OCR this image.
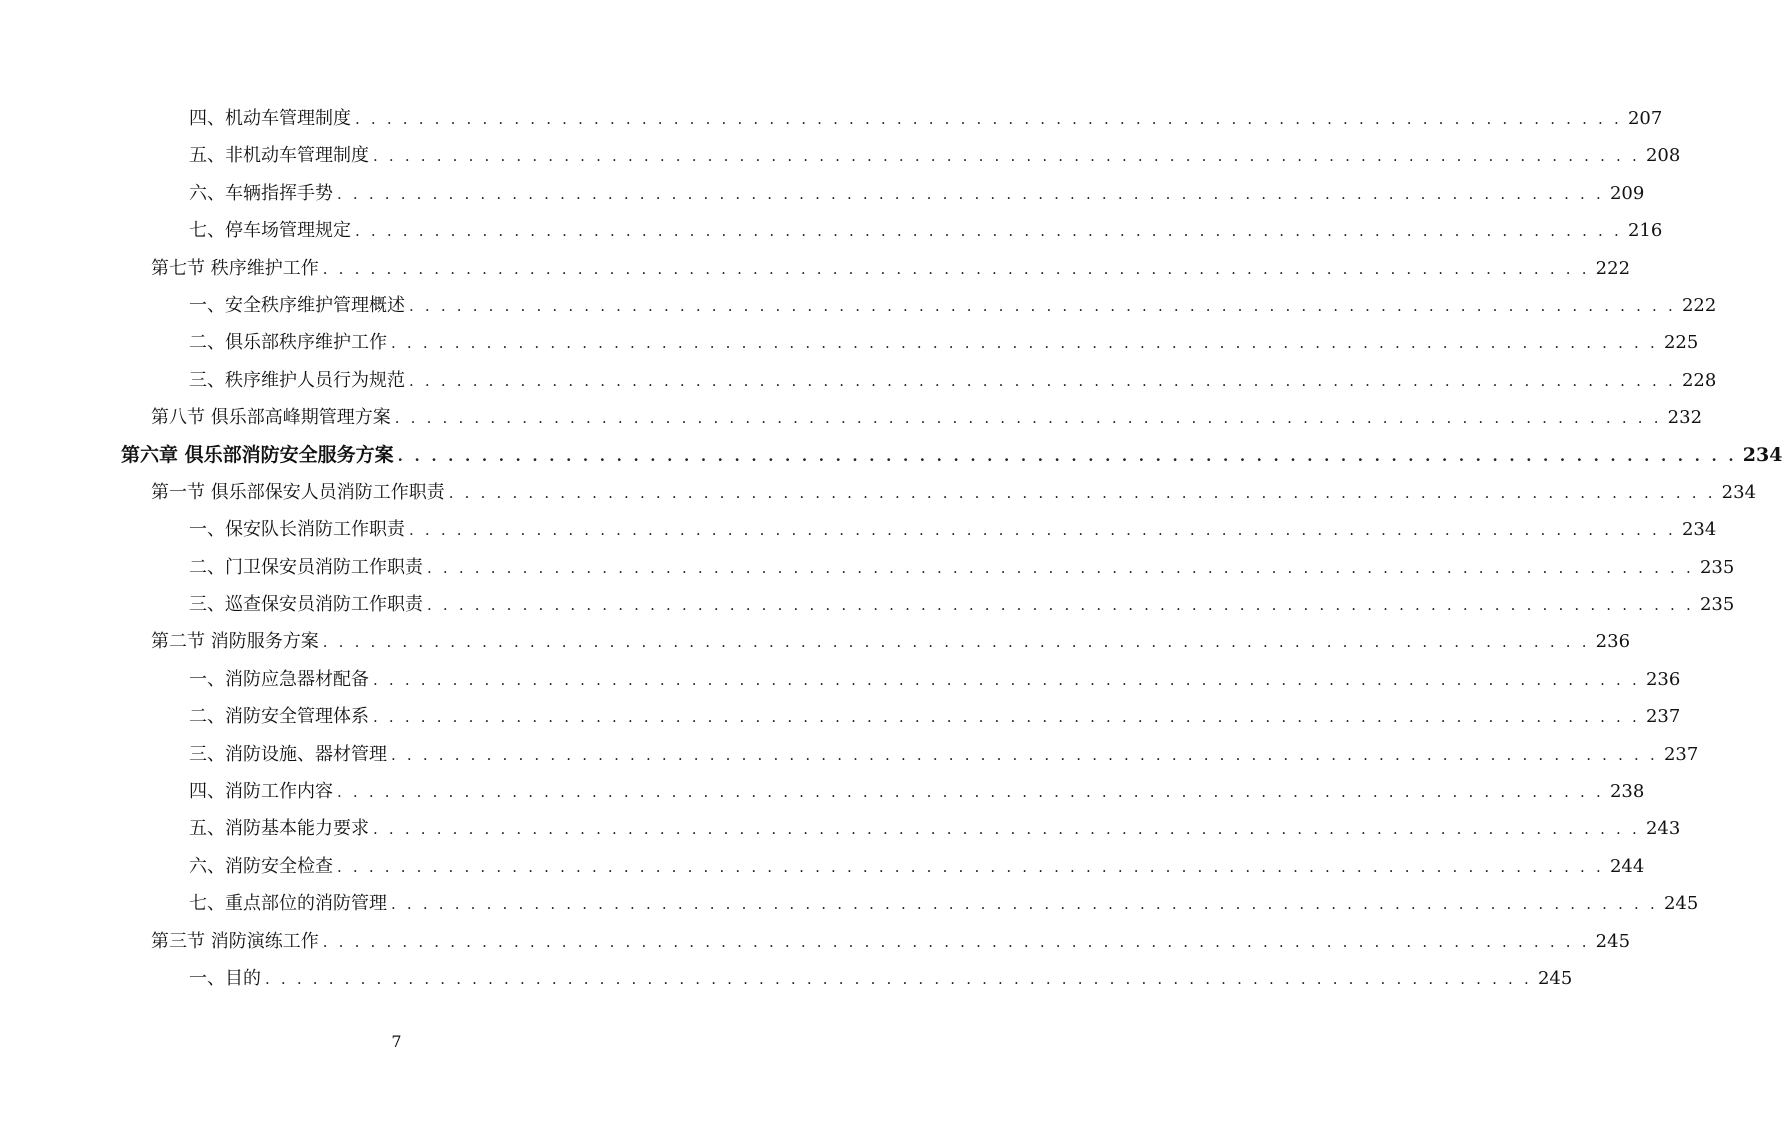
四、机动车管理制度 . . . . . . . . . . . . . . . . . . . . . . . . . . . . . . . . . . . . . . . . . . . . . . . . . . . . . . . . . . . . . . . . . . . . . . . . . . . . . . . . 207
五、非机动车管理制度 . . . . . . . . . . . . . . . . . . . . . . . . . . . . . . . . . . . . . . . . . . . . . . . . . . . . . . . . . . . . . . . . . . . . . . . . . . . . . . . . 208
六、车辆指挥手势 . . . . . . . . . . . . . . . . . . . . . . . . . . . . . . . . . . . . . . . . . . . . . . . . . . . . . . . . . . . . . . . . . . . . . . . . . . . . . . . . 209
七、停车场管理规定 . . . . . . . . . . . . . . . . . . . . . . . . . . . . . . . . . . . . . . . . . . . . . . . . . . . . . . . . . . . . . . . . . . . . . . . . . . . . . . . . 216
第七节 秩序维护工作 . . . . . . . . . . . . . . . . . . . . . . . . . . . . . . . . . . . . . . . . . . . . . . . . . . . . . . . . . . . . . . . . . . . . . . . . . . . . . . . . 222
一、安全秩序维护管理概述 . . . . . . . . . . . . . . . . . . . . . . . . . . . . . . . . . . . . . . . . . . . . . . . . . . . . . . . . . . . . . . . . . . . . . . . . . . . . . . . . 222
二、俱乐部秩序维护工作 . . . . . . . . . . . . . . . . . . . . . . . . . . . . . . . . . . . . . . . . . . . . . . . . . . . . . . . . . . . . . . . . . . . . . . . . . . . . . . . . 225
三、秩序维护人员行为规范 . . . . . . . . . . . . . . . . . . . . . . . . . . . . . . . . . . . . . . . . . . . . . . . . . . . . . . . . . . . . . . . . . . . . . . . . . . . . . . . . 228
第八节 俱乐部高峰期管理方案 . . . . . . . . . . . . . . . . . . . . . . . . . . . . . . . . . . . . . . . . . . . . . . . . . . . . . . . . . . . . . . . . . . . . . . . . . . . . . . . . 232
第六章 俱乐部消防安全服务方案 . . . . . . . . . . . . . . . . . . . . . . . . . . . . . . . . . . . . . . . . . . . . . . . . . . . . . . . . . . . . . . . . . . . . . . . . . . . . . . . . 234
第一节 俱乐部保安人员消防工作职责 . . . . . . . . . . . . . . . . . . . . . . . . . . . . . . . . . . . . . . . . . . . . . . . . . . . . . . . . . . . . . . . . . . . . . . . . . . . . . . . . 234
一、保安队长消防工作职责 . . . . . . . . . . . . . . . . . . . . . . . . . . . . . . . . . . . . . . . . . . . . . . . . . . . . . . . . . . . . . . . . . . . . . . . . . . . . . . . . 234
二、门卫保安员消防工作职责 . . . . . . . . . . . . . . . . . . . . . . . . . . . . . . . . . . . . . . . . . . . . . . . . . . . . . . . . . . . . . . . . . . . . . . . . . . . . . . . . 235
三、巡查保安员消防工作职责 . . . . . . . . . . . . . . . . . . . . . . . . . . . . . . . . . . . . . . . . . . . . . . . . . . . . . . . . . . . . . . . . . . . . . . . . . . . . . . . . 235
第二节 消防服务方案 . . . . . . . . . . . . . . . . . . . . . . . . . . . . . . . . . . . . . . . . . . . . . . . . . . . . . . . . . . . . . . . . . . . . . . . . . . . . . . . . 236
一、消防应急器材配备 . . . . . . . . . . . . . . . . . . . . . . . . . . . . . . . . . . . . . . . . . . . . . . . . . . . . . . . . . . . . . . . . . . . . . . . . . . . . . . . . 236
二、消防安全管理体系 . . . . . . . . . . . . . . . . . . . . . . . . . . . . . . . . . . . . . . . . . . . . . . . . . . . . . . . . . . . . . . . . . . . . . . . . . . . . . . . . 237
三、消防设施、器材管理 . . . . . . . . . . . . . . . . . . . . . . . . . . . . . . . . . . . . . . . . . . . . . . . . . . . . . . . . . . . . . . . . . . . . . . . . . . . . . . . . 237
四、消防工作内容 . . . . . . . . . . . . . . . . . . . . . . . . . . . . . . . . . . . . . . . . . . . . . . . . . . . . . . . . . . . . . . . . . . . . . . . . . . . . . . . . 238
五、消防基本能力要求 . . . . . . . . . . . . . . . . . . . . . . . . . . . . . . . . . . . . . . . . . . . . . . . . . . . . . . . . . . . . . . . . . . . . . . . . . . . . . . . . 243
六、消防安全检查 . . . . . . . . . . . . . . . . . . . . . . . . . . . . . . . . . . . . . . . . . . . . . . . . . . . . . . . . . . . . . . . . . . . . . . . . . . . . . . . . 244
七、重点部位的消防管理 . . . . . . . . . . . . . . . . . . . . . . . . . . . . . . . . . . . . . . . . . . . . . . . . . . . . . . . . . . . . . . . . . . . . . . . . . . . . . . . . 245
第三节 消防演练工作 . . . . . . . . . . . . . . . . . . . . . . . . . . . . . . . . . . . . . . . . . . . . . . . . . . . . . . . . . . . . . . . . . . . . . . . . . . . . . . . . 245
一、目的 . . . . . . . . . . . . . . . . . . . . . . . . . . . . . . . . . . . . . . . . . . . . . . . . . . . . . . . . . . . . . . . . . . . . . . . . . . . . . . . . 245
7
